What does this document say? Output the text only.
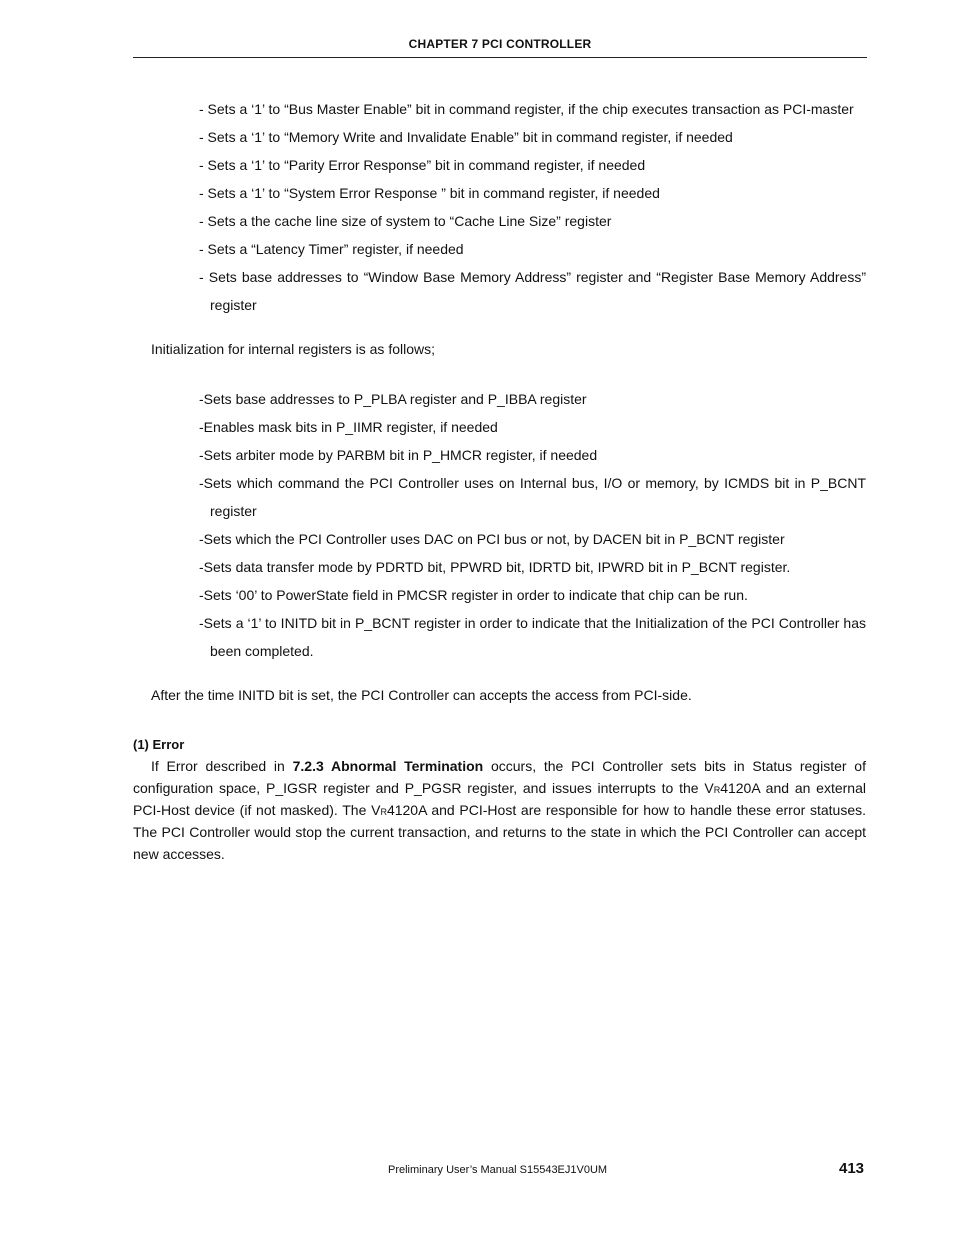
CHAPTER 7 PCI CONTROLLER
- Sets a ‘1’ to “Bus Master Enable” bit in command register, if the chip executes transaction as PCI-master
- Sets a ‘1’ to “Memory Write and Invalidate Enable” bit in command register, if needed
- Sets a ‘1’ to “Parity Error Response” bit in command register, if needed
- Sets a ‘1’ to “System Error Response ” bit in command register, if needed
- Sets a the cache line size of system to “Cache Line Size” register
- Sets a “Latency Timer” register, if needed
- Sets base addresses to “Window Base Memory Address” register and “Register Base Memory Address”
register
Initialization for internal registers is as follows;
-Sets base addresses to P_PLBA register and P_IBBA register
-Enables mask bits in P_IIMR register, if needed
-Sets arbiter mode by PARBM bit in P_HMCR register, if needed
-Sets which command the PCI Controller uses on Internal bus, I/O or memory, by ICMDS bit in P_BCNT
register
-Sets which the PCI Controller uses DAC on PCI bus or not, by DACEN bit in P_BCNT register
-Sets data transfer mode by PDRTD bit, PPWRD bit, IDRTD bit, IPWRD bit in P_BCNT register.
-Sets ‘00’ to PowerState field in PMCSR register in order to indicate that chip can be run.
-Sets a ‘1’ to INITD bit in P_BCNT register in order to indicate that the Initialization of the PCI Controller has
been completed.
After the time INITD bit is set, the PCI Controller can accepts the access from PCI-side.
(1) Error
If Error described in 7.2.3 Abnormal Termination occurs, the PCI Controller sets bits in Status register of
configuration space, P_IGSR register and P_PGSR register, and issues interrupts to the VR4120A and an external
PCI-Host device (if not masked). The VR4120A and PCI-Host are responsible for how to handle these error statuses.
The PCI Controller would stop the current transaction, and returns to the state in which the PCI Controller can accept
new accesses.
Preliminary User’s Manual S15543EJ1V0UM	413
